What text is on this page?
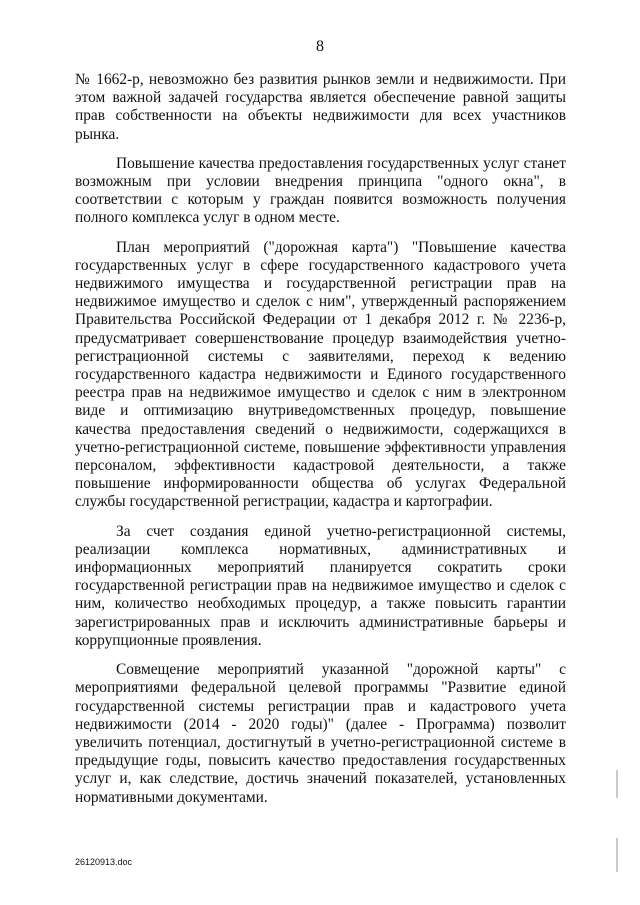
8

№ 1662-р, невозможно без развития рынков земли и недвижимости. При этом важной задачей государства является обеспечение равной защиты прав собственности на объекты недвижимости для всех участников рынка.

Повышение качества предоставления государственных услуг станет возможным при условии внедрения принципа "одного окна", в соответствии с которым у граждан появится возможность получения полного комплекса услуг в одном месте.

План мероприятий ("дорожная карта") "Повышение качества государственных услуг в сфере государственного кадастрового учета недвижимого имущества и государственной регистрации прав на недвижимое имущество и сделок с ним", утвержденный распоряжением Правительства Российской Федерации от 1 декабря 2012 г. № 2236-р, предусматривает совершенствование процедур взаимодействия учетно-регистрационной системы с заявителями, переход к ведению государственного кадастра недвижимости и Единого государственного реестра прав на недвижимое имущество и сделок с ним в электронном виде и оптимизацию внутриведомственных процедур, повышение качества предоставления сведений о недвижимости, содержащихся в учетно-регистрационной системе, повышение эффективности управления персоналом, эффективности кадастровой деятельности, а также повышение информированности общества об услугах Федеральной службы государственной регистрации, кадастра и картографии.

За счет создания единой учетно-регистрационной системы, реализации комплекса нормативных, административных и информационных мероприятий планируется сократить сроки государственной регистрации прав на недвижимое имущество и сделок с ним, количество необходимых процедур, а также повысить гарантии зарегистрированных прав и исключить административные барьеры и коррупционные проявления.

Совмещение мероприятий указанной "дорожной карты" с мероприятиями федеральной целевой программы "Развитие единой государственной системы регистрации прав и кадастрового учета недвижимости (2014 - 2020 годы)" (далее - Программа) позволит увеличить потенциал, достигнутый в учетно-регистрационной системе в предыдущие годы, повысить качество предоставления государственных услуг и, как следствие, достичь значений показателей, установленных нормативными документами.

26120913.doc
